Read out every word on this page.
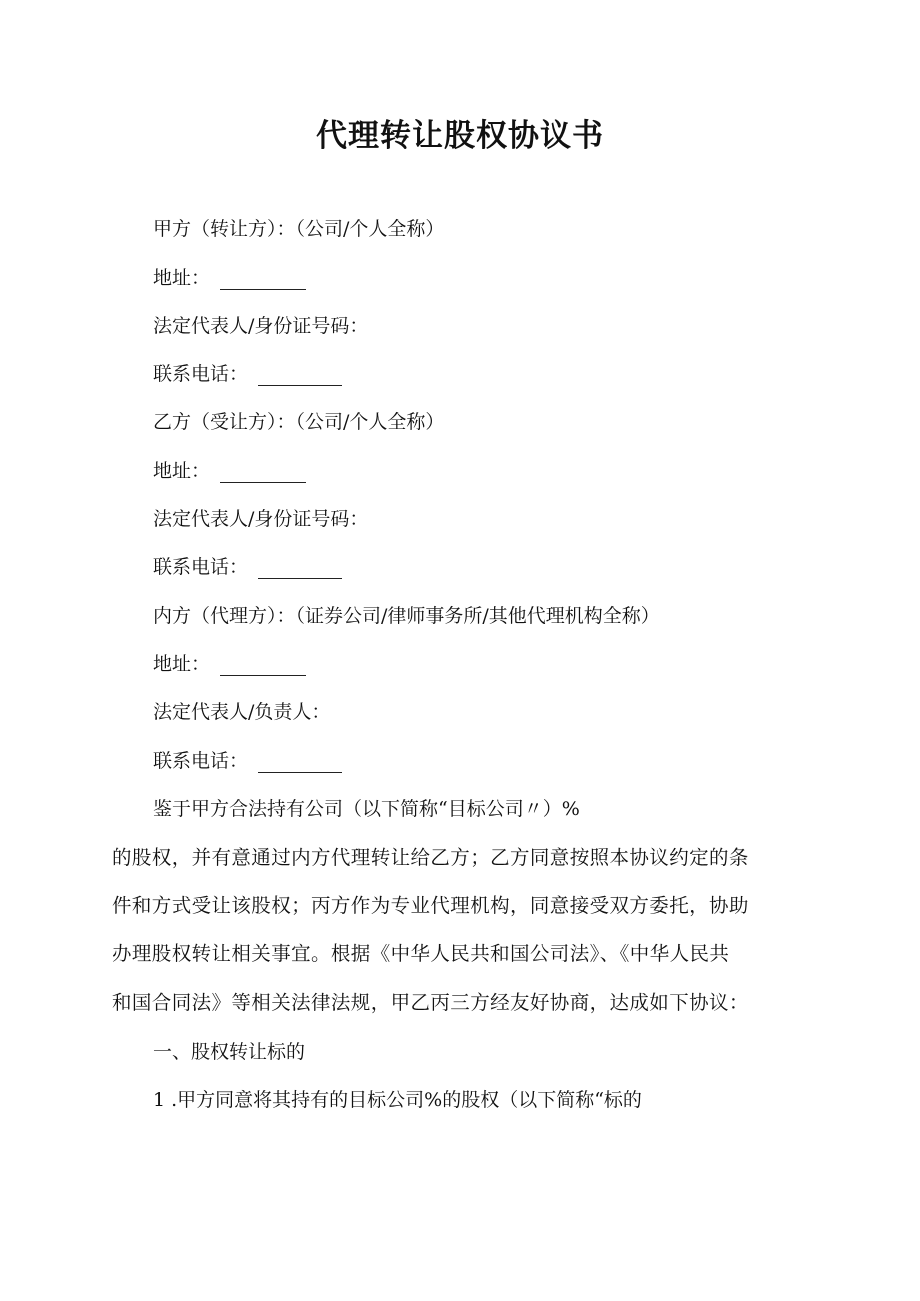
代理转让股权协议书
甲方（转让方）：（公司/个人全称）
地址：
法定代表人/身份证号码：
联系电话：
乙方（受让方）：（公司/个人全称）
地址：
法定代表人/身份证号码：
联系电话：
内方（代理方）：（证券公司/律师事务所/其他代理机构全称）
地址：
法定代表人/负责人：
联系电话：
鉴于甲方合法持有公司（以下简称“目标公司〃）%
的股权，并有意通过内方代理转让给乙方；乙方同意按照本协议约定的条
件和方式受让该股权；丙方作为专业代理机构，同意接受双方委托，协助
办理股权转让相关事宜。根据《中华人民共和国公司法》、《中华人民共
和国合同法》等相关法律法规，甲乙丙三方经友好协商，达成如下协议：
一、股权转让标的
1 .甲方同意将其持有的目标公司%的股权（以下简称“标的
